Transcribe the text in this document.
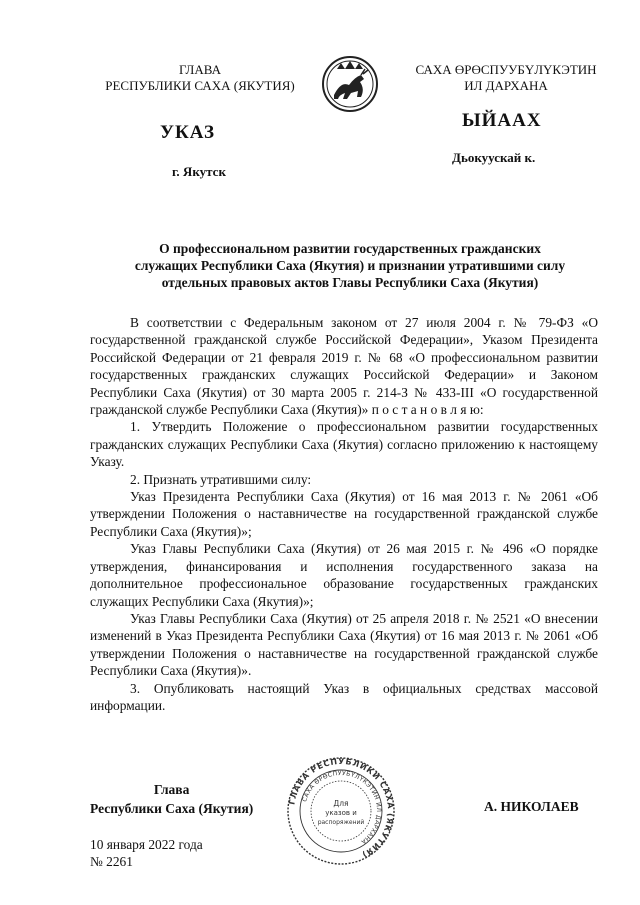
ГЛАВА
РЕСПУБЛИКИ САХА (ЯКУТИЯ)
САХА ӨРӨСПУУБҮЛҮКЭТИН
ИЛ ДАРХАНА
УКАЗ
ЫЙААХ
г. Якутск
Дьокуускай к.
О профессиональном развитии государственных гражданских
служащих Республики Саха (Якутия) и признании утратившими силу
отдельных правовых актов Главы Республики Саха (Якутия)

В соответствии с Федеральным законом от 27 июля 2004 г. № 79-ФЗ «О государственной гражданской службе Российской Федерации», Указом Президента Российской Федерации от 21 февраля 2019 г. № 68 «О профессиональном развитии государственных гражданских служащих Российской Федерации» и Законом Республики Саха (Якутия) от 30 марта 2005 г. 214-З № 433-III «О государственной гражданской службе Республики Саха (Якутия)» п о с т а н о в л я ю:

1. Утвердить Положение о профессиональном развитии государственных гражданских служащих Республики Саха (Якутия) согласно приложению к настоящему Указу.

2. Признать утратившими силу:

Указ Президента Республики Саха (Якутия) от 16 мая 2013 г. № 2061 «Об утверждении Положения о наставничестве на государственной гражданской службе Республики Саха (Якутия)»;

Указ Главы Республики Саха (Якутия) от 26 мая 2015 г. № 496 «О порядке утверждения, финансирования и исполнения государственного заказа на дополнительное профессиональное образование государственных гражданских служащих Республики Саха (Якутия)»;

Указ Главы Республики Саха (Якутия) от 25 апреля 2018 г. № 2521 «О внесении изменений в Указ Президента Республики Саха (Якутия) от 16 мая 2013 г. № 2061 «Об утверждении Положения о наставничестве на государственной гражданской службе Республики Саха (Якутия)».

3. Опубликовать настоящий Указ в официальных средствах массовой информации.

Глава
Республики Саха (Якутия)	ГЛАВА РЕСПУБЛИКИ САХА (ЯКУТИЯ)
САХА ӨРӨСПУУБҮЛҮКЭТИН ИЛ ДАРХАНА
Для
указов и
распоряжений
А. НИКОЛАЕВ
10 января 2022 года
№ 2261
